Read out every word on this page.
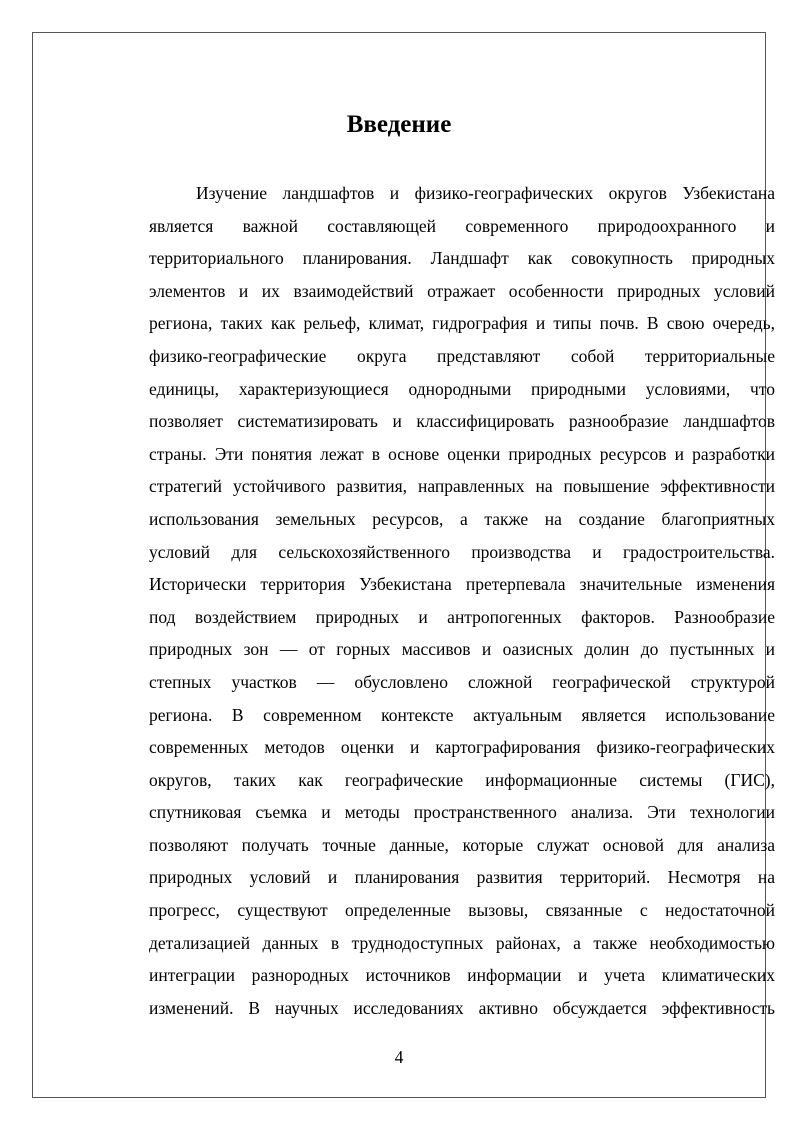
Введение

Изучение ландшафтов и физико-географических округов Узбекистана
является важной составляющей современного природоохранного и
территориального планирования. Ландшафт как совокупность природных
элементов и их взаимодействий отражает особенности природных условий
региона, таких как рельеф, климат, гидрография и типы почв. В свою очередь,
физико-географические округа представляют собой территориальные
единицы, характеризующиеся однородными природными условиями, что
позволяет систематизировать и классифицировать разнообразие ландшафтов
страны. Эти понятия лежат в основе оценки природных ресурсов и разработки
стратегий устойчивого развития, направленных на повышение эффективности
использования земельных ресурсов, а также на создание благоприятных
условий для сельскохозяйственного производства и градостроительства.
Исторически территория Узбекистана претерпевала значительные изменения
под воздействием природных и антропогенных факторов. Разнообразие
природных зон — от горных массивов и оазисных долин до пустынных и
степных участков — обусловлено сложной географической структурой
региона. В современном контексте актуальным является использование
современных методов оценки и картографирования физико-географических
округов, таких как географические информационные системы (ГИС),
спутниковая съемка и методы пространственного анализа. Эти технологии
позволяют получать точные данные, которые служат основой для анализа
природных условий и планирования развития территорий. Несмотря на
прогресс, существуют определенные вызовы, связанные с недостаточной
детализацией данных в труднодоступных районах, а также необходимостью
интеграции разнородных источников информации и учета климатических
изменений. В научных исследованиях активно обсуждается эффективность

4
